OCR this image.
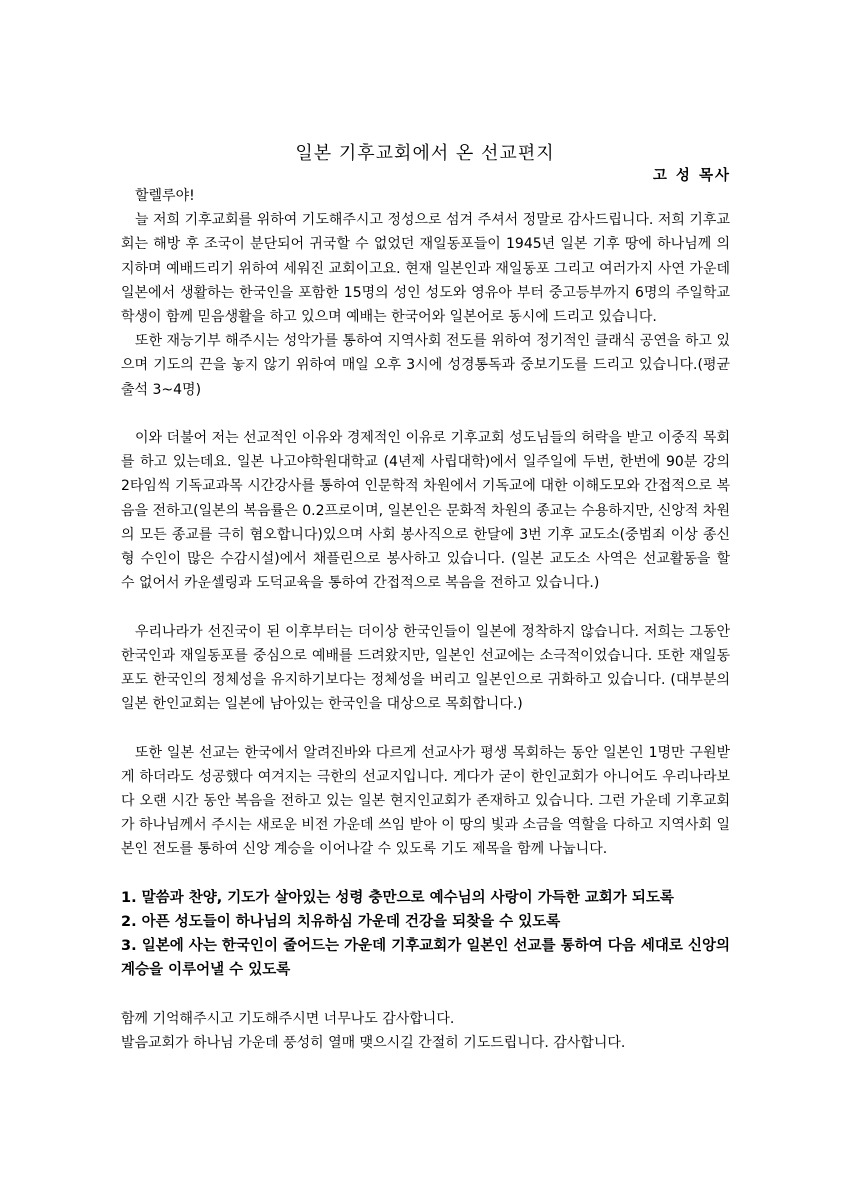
일본 기후교회에서 온 선교편지
고 성 목사

할렐루야!

늘 저희 기후교회를 위하여 기도해주시고 정성으로 섬겨 주셔서 정말로 감사드립니다. 저희 기후교회는 해방 후 조국이 분단되어 귀국할 수 없었던 재일동포들이 1945년 일본 기후 땅에 하나님께 의지하며 예배드리기 위하여 세워진 교회이고요. 현재 일본인과 재일동포 그리고 여러가지 사연 가운데 일본에서 생활하는 한국인을 포함한 15명의 성인 성도와 영유아 부터 중고등부까지 6명의 주일학교 학생이 함께 믿음생활을 하고 있으며 예배는 한국어와 일본어로 동시에 드리고 있습니다.

또한 재능기부 해주시는 성악가를 통하여 지역사회 전도를 위하여 정기적인 클래식 공연을 하고 있으며 기도의 끈을 놓지 않기 위하여 매일 오후 3시에 성경통독과 중보기도를 드리고 있습니다.(평균 출석 3~4명)

이와 더불어 저는 선교적인 이유와 경제적인 이유로 기후교회 성도님들의 허락을 받고 이중직 목회를 하고 있는데요. 일본 나고야학원대학교 (4년제 사립대학)에서 일주일에 두번, 한번에 90분 강의 2타임씩 기독교과목 시간강사를 통하여 인문학적 차원에서 기독교에 대한 이해도모와 간접적으로 복음을 전하고(일본의 복음률은 0.2프로이며, 일본인은 문화적 차원의 종교는 수용하지만, 신앙적 차원의 모든 종교를 극히 혐오합니다)있으며 사회 봉사직으로 한달에 3번 기후 교도소(중범죄 이상 종신형 수인이 많은 수감시설)에서 채플린으로 봉사하고 있습니다. (일본 교도소 사역은 선교활동을 할 수 없어서 카운셀링과 도덕교육을 통하여 간접적으로 복음을 전하고 있습니다.)

우리나라가 선진국이 된 이후부터는 더이상 한국인들이 일본에 정착하지 않습니다. 저희는 그동안 한국인과 재일동포를 중심으로 예배를 드려왔지만, 일본인 선교에는 소극적이었습니다. 또한 재일동포도 한국인의 정체성을 유지하기보다는 정체성을 버리고 일본인으로 귀화하고 있습니다. (대부분의 일본 한인교회는 일본에 남아있는 한국인을 대상으로 목회합니다.)

또한 일본 선교는 한국에서 알려진바와 다르게 선교사가 평생 목회하는 동안 일본인 1명만 구원받게 하더라도 성공했다 여겨지는 극한의 선교지입니다. 게다가 굳이 한인교회가 아니어도 우리나라보다 오랜 시간 동안 복음을 전하고 있는 일본 현지인교회가 존재하고 있습니다. 그런 가운데 기후교회가 하나님께서 주시는 새로운 비전 가운데 쓰임 받아 이 땅의 빛과 소금을 역할을 다하고 지역사회 일본인 전도를 통하여 신앙 계승을 이어나갈 수 있도록 기도 제목을 함께 나눕니다.

1. 말씀과 찬양, 기도가 살아있는 성령 충만으로 예수님의 사랑이 가득한 교회가 되도록

2. 아픈 성도들이 하나님의 치유하심 가운데 건강을 되찾을 수 있도록

3. 일본에 사는 한국인이 줄어드는 가운데 기후교회가 일본인 선교를 통하여 다음 세대로 신앙의 계승을 이루어낼 수 있도록

함께 기억해주시고 기도해주시면 너무나도 감사합니다.

발음교회가 하나님 가운데 풍성히 열매 맺으시길 간절히 기도드립니다. 감사합니다.
